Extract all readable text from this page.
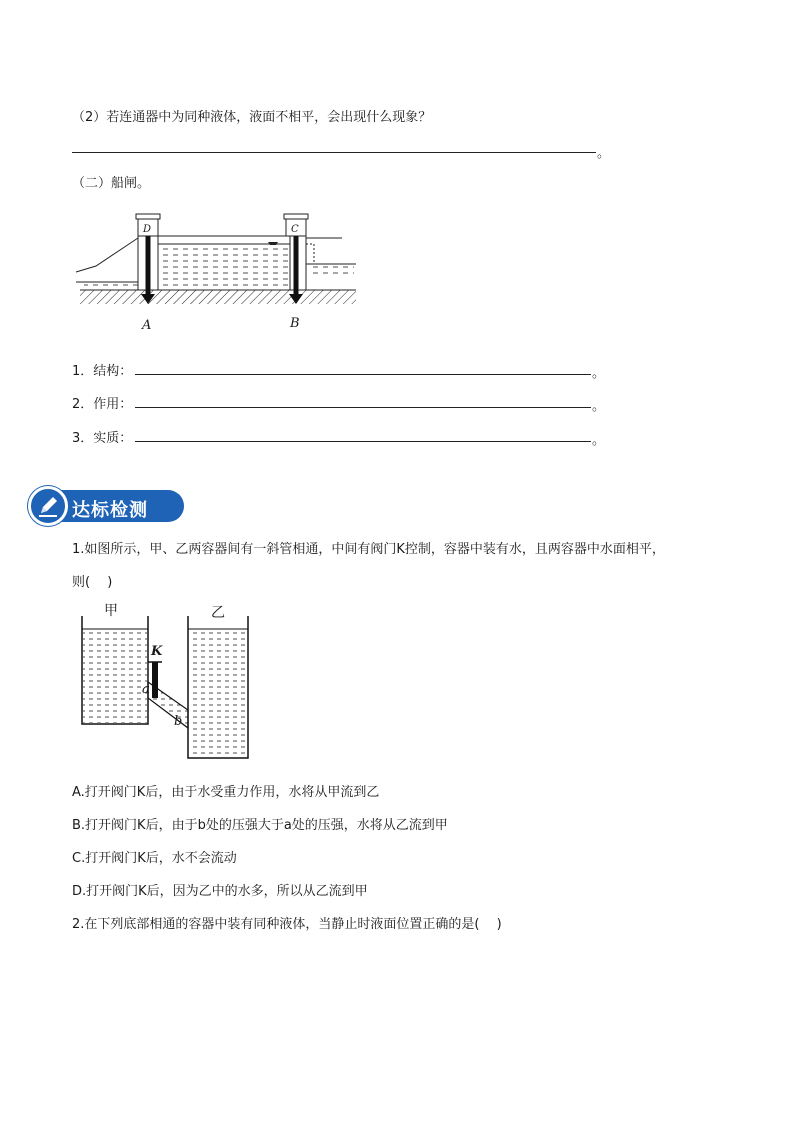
（2）若连通器中为同种液体，液面不相平，会出现什么现象？
。
（二）船闸。
A	B
C
D
1．结构：	。
2．作用：	。
3．实质：	。
达标检测
1.如图所示，甲、乙两容器间有一斜管相通，中间有阀门K控制，容器中装有水，且两容器中水面相平，
则(　 )
甲	乙
K
a
b
A.打开阀门K后，由于水受重力作用，水将从甲流到乙
B.打开阀门K后，由于b处的压强大于a处的压强，水将从乙流到甲
C.打开阀门K后，水不会流动
D.打开阀门K后，因为乙中的水多，所以从乙流到甲
2.在下列底部相通的容器中装有同种液体，当静止时液面位置正确的是(　 )
